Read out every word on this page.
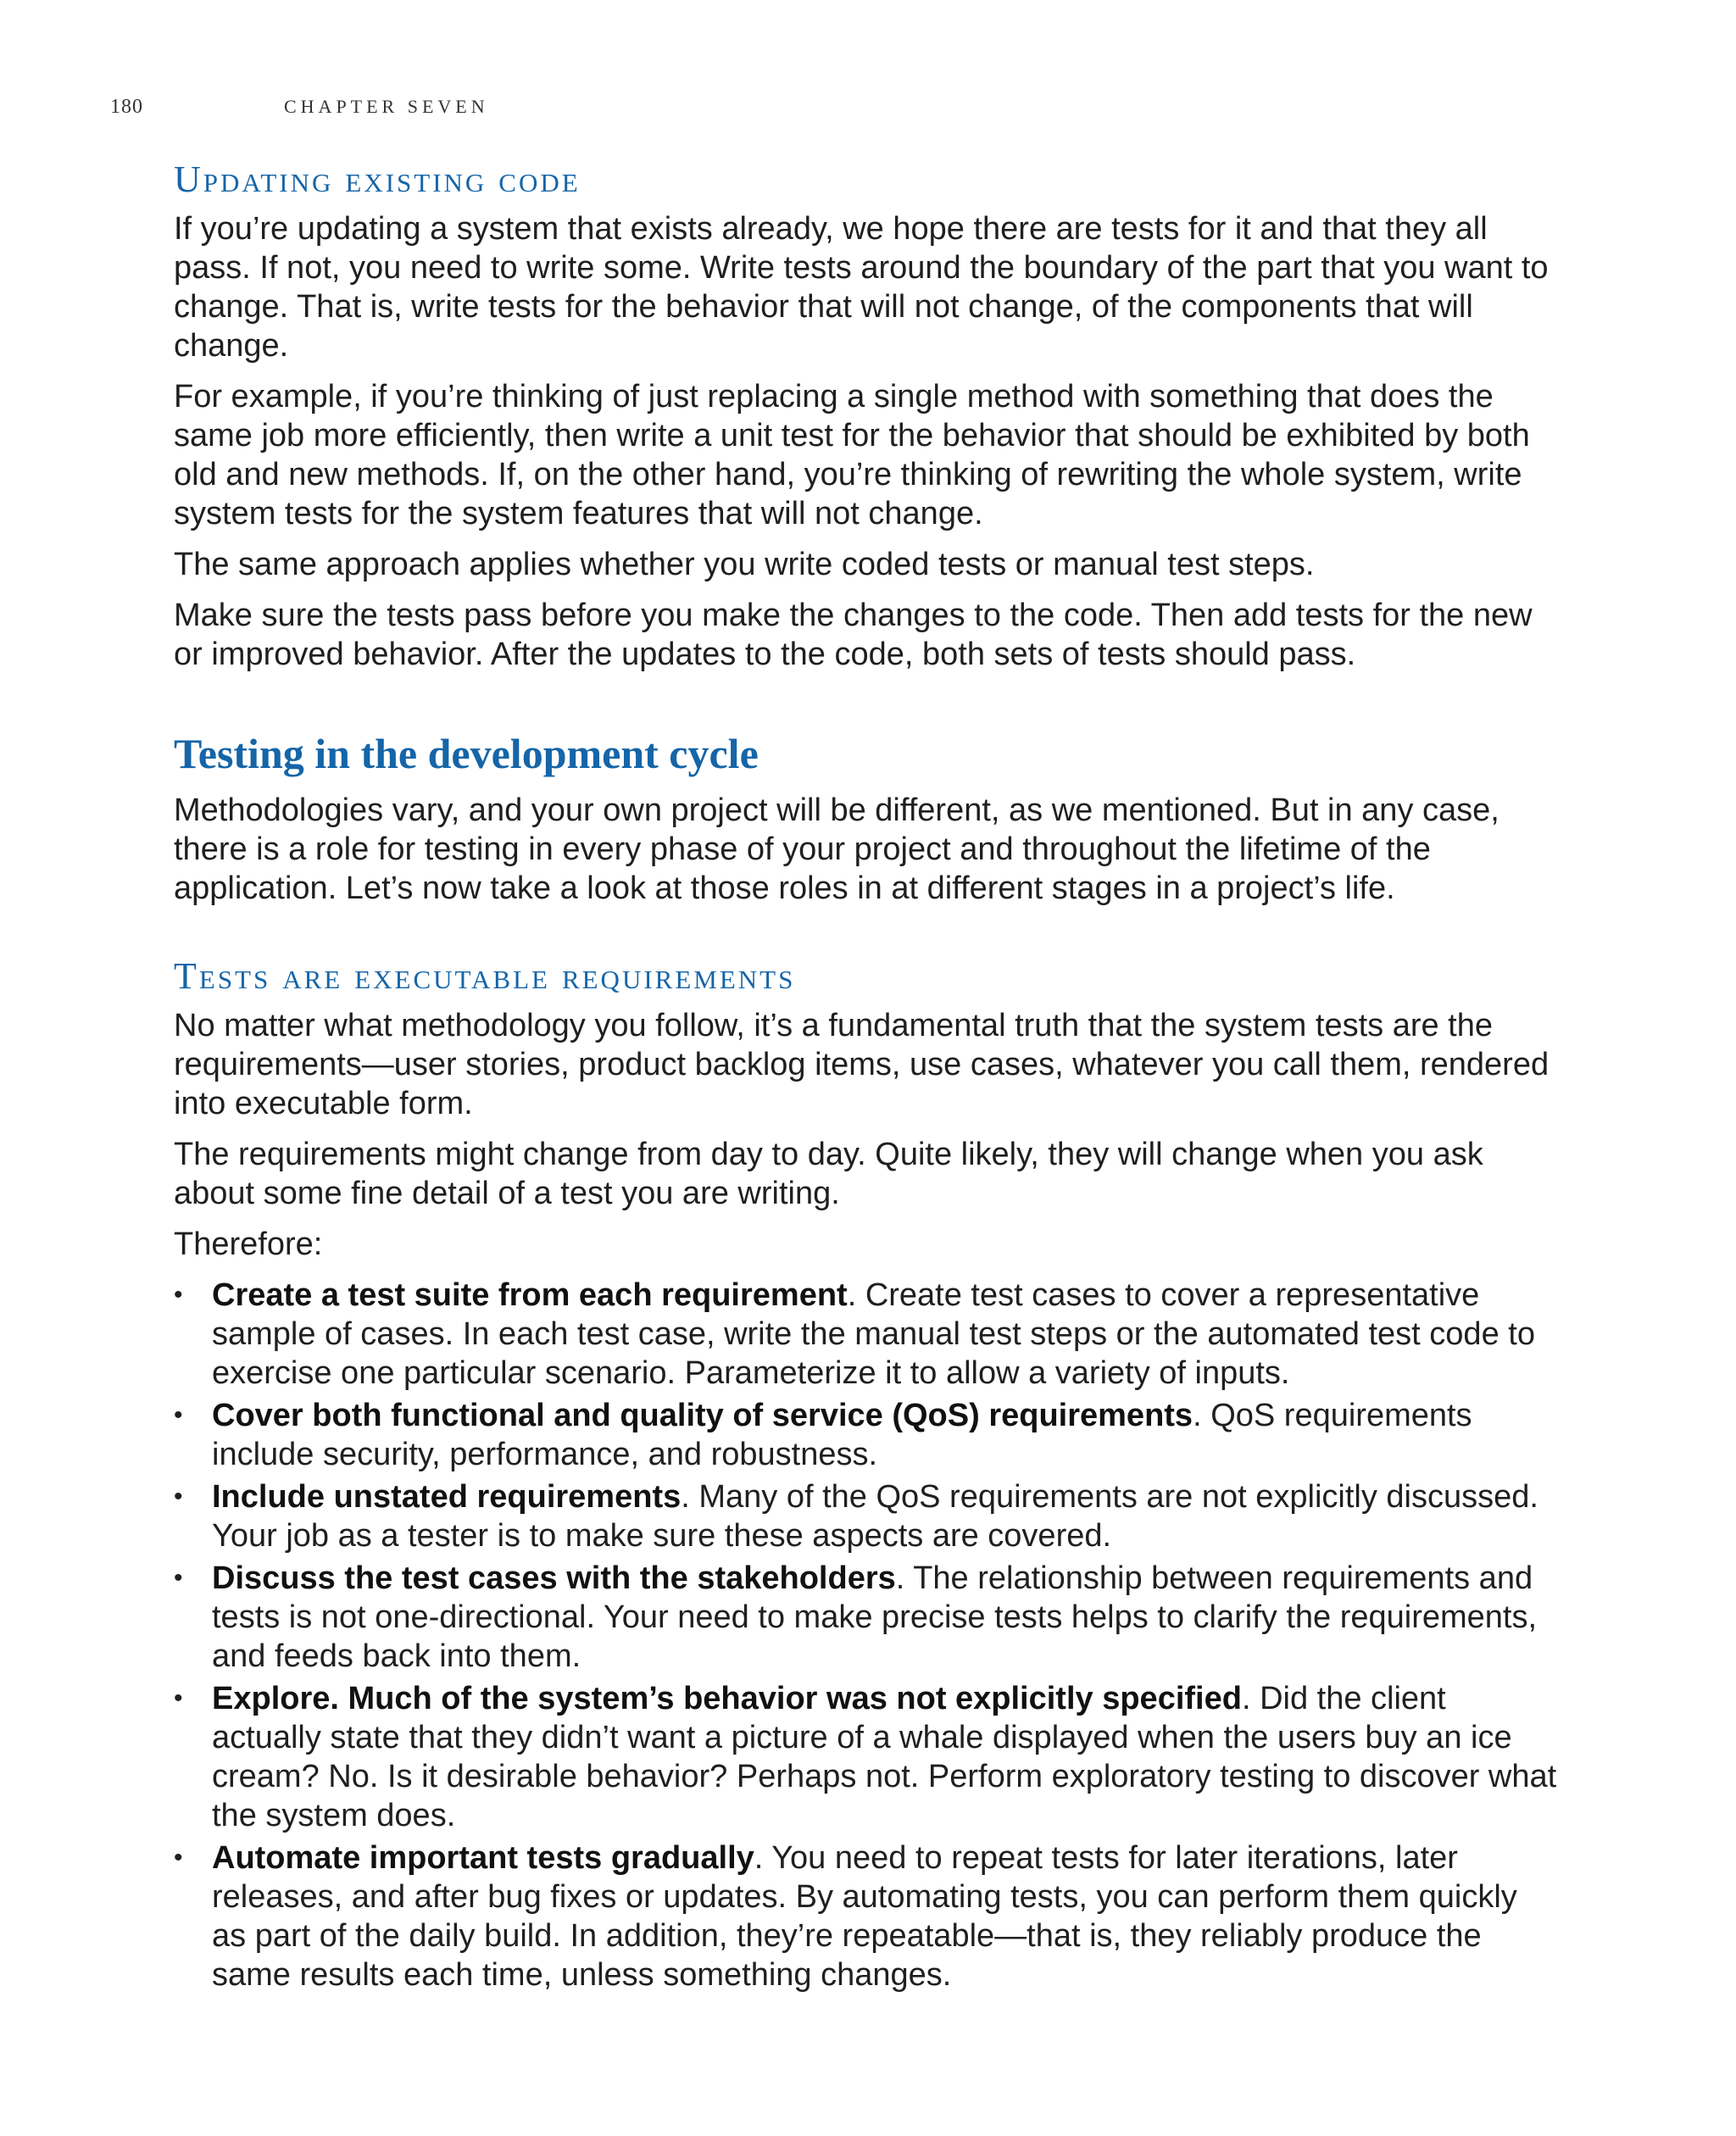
180	CHAPTER SEVEN
Updating existing code

If you’re updating a system that exists already, we hope there are tests for it and that they all pass. If not, you need to write some. Write tests around the boundary of the part that you want to change. That is, write tests for the behavior that will not change, of the components that will change.

For example, if you’re thinking of just replacing a single method with something that does the same job more efficiently, then write a unit test for the behavior that should be exhibited by both old and new methods. If, on the other hand, you’re thinking of rewriting the whole system, write system tests for the system features that will not change.

The same approach applies whether you write coded tests or manual test steps.

Make sure the tests pass before you make the changes to the code. Then add tests for the new or improved behavior. After the updates to the code, both sets of tests should pass.

Testing in the development cycle

Methodologies vary, and your own project will be different, as we mentioned. But in any case, there is a role for testing in every phase of your project and throughout the lifetime of the application. Let’s now take a look at those roles in at different stages in a project’s life.

Tests are executable requirements

No matter what methodology you follow, it’s a fundamental truth that the system tests are the requirements—user stories, product backlog items, use cases, whatever you call them, rendered into executable form.

The requirements might change from day to day. Quite likely, they will change when you ask about some fine detail of a test you are writing.

Therefore:

• Create a test suite from each requirement. Create test cases to cover a representative sample of cases. In each test case, write the manual test steps or the automated test code to exercise one particular scenario. Parameterize it to allow a variety of inputs.
• Cover both functional and quality of service (QoS) requirements. QoS requirements include security, performance, and robustness.
• Include unstated requirements. Many of the QoS requirements are not explicitly discussed. Your job as a tester is to make sure these aspects are covered.
• Discuss the test cases with the stakeholders. The relationship between requirements and tests is not one-directional. Your need to make precise tests helps to clarify the requirements, and feeds back into them.
• Explore. Much of the system’s behavior was not explicitly specified. Did the client actually state that they didn’t want a picture of a whale displayed when the users buy an ice cream? No. Is it desirable behavior? Perhaps not. Perform exploratory testing to discover what the system does.
• Automate important tests gradually. You need to repeat tests for later iterations, later releases, and after bug fixes or updates. By automating tests, you can perform them quickly as part of the daily build. In addition, they’re repeatable—that is, they reliably produce the same results each time, unless something changes.
